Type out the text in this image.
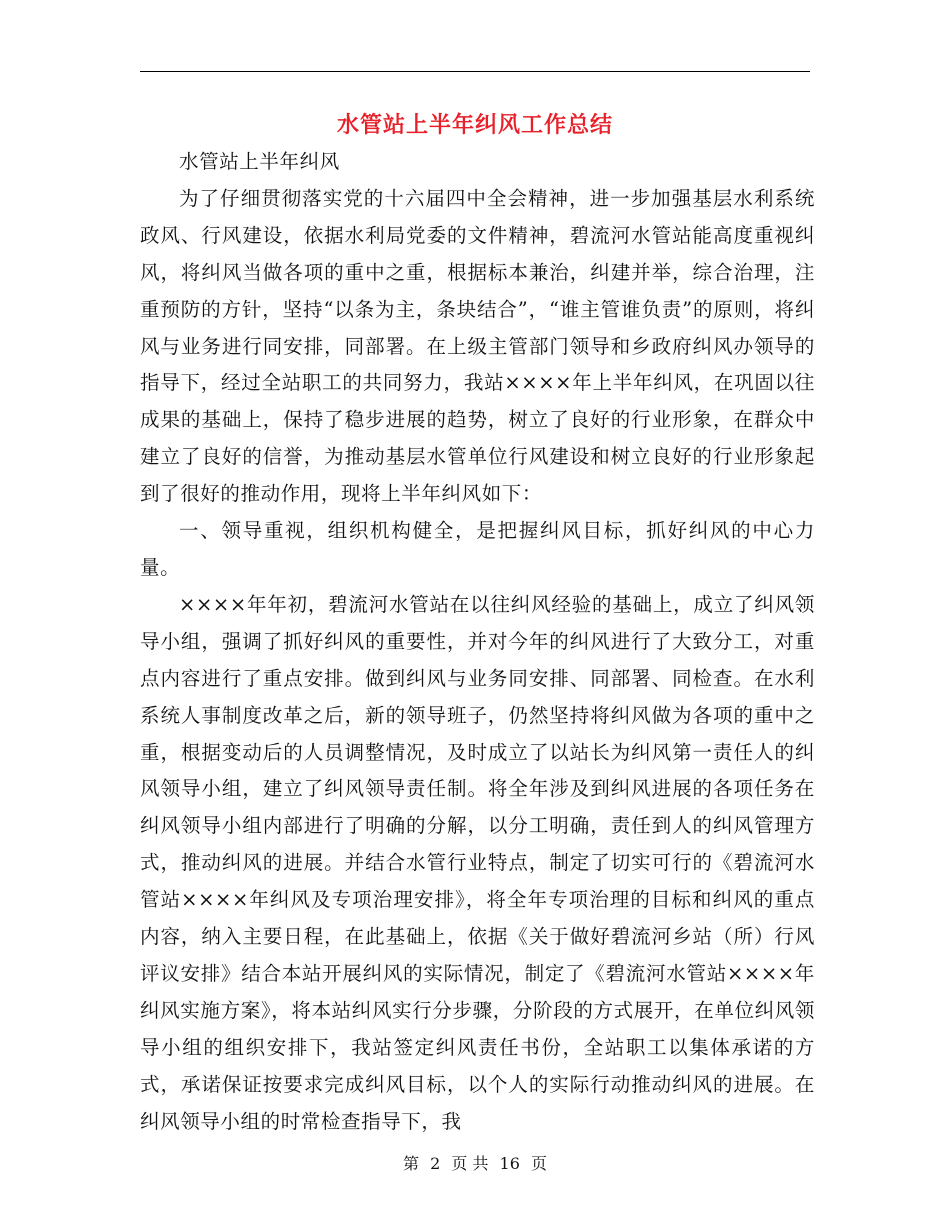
水管站上半年纠风工作总结

水管站上半年纠风

为了仔细贯彻落实党的十六届四中全会精神，进一步加强基层水利系统政风、行风建设，依据水利局党委的文件精神，碧流河水管站能高度重视纠风，将纠风当做各项的重中之重，根据标本兼治，纠建并举，综合治理，注重预防的方针，坚持“以条为主，条块结合”，“谁主管谁负责”的原则，将纠风与业务进行同安排，同部署。在上级主管部门领导和乡政府纠风办领导的指导下，经过全站职工的共同努力，我站××××年上半年纠风，在巩固以往成果的基础上，保持了稳步进展的趋势，树立了良好的行业形象，在群众中建立了良好的信誉，为推动基层水管单位行风建设和树立良好的行业形象起到了很好的推动作用，现将上半年纠风如下：

一、领导重视，组织机构健全，是把握纠风目标，抓好纠风的中心力量。

××××年年初，碧流河水管站在以往纠风经验的基础上，成立了纠风领导小组，强调了抓好纠风的重要性，并对今年的纠风进行了大致分工，对重点内容进行了重点安排。做到纠风与业务同安排、同部署、同检查。在水利系统人事制度改革之后，新的领导班子，仍然坚持将纠风做为各项的重中之重，根据变动后的人员调整情况，及时成立了以站长为纠风第一责任人的纠风领导小组，建立了纠风领导责任制。将全年涉及到纠风进展的各项任务在纠风领导小组内部进行了明确的分解，以分工明确，责任到人的纠风管理方式，推动纠风的进展。并结合水管行业特点，制定了切实可行的《碧流河水管站××××年纠风及专项治理安排》，将全年专项治理的目标和纠风的重点内容，纳入主要日程，在此基础上，依据《关于做好碧流河乡站（所）行风评议安排》结合本站开展纠风的实际情况，制定了《碧流河水管站××××年纠风实施方案》，将本站纠风实行分步骤，分阶段的方式展开，在单位纠风领导小组的组织安排下，我站签定纠风责任书份，全站职工以集体承诺的方式，承诺保证按要求完成纠风目标，以个人的实际行动推动纠风的进展。在纠风领导小组的时常检查指导下，我

第 2 页 共 16 页
